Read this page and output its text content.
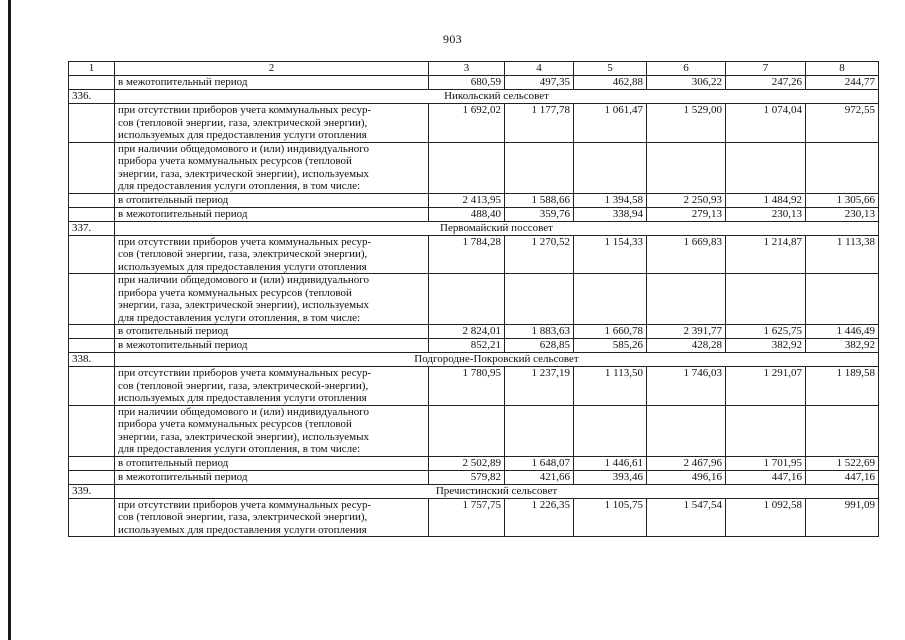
903
1	2	3	4	5	6	7	8
	в межотопительный период	680,59	497,35	462,88	306,22	247,26	244,77
336.	Никольский сельсовет						

	при отсутствии приборов учета коммунальных ресур-
сов (тепловой энергии, газа, электрической энергии),
используемых для предоставления услуги отопления	1 692,02	1 177,78	1 061,47	1 529,00	1 074,04	972,55

	при наличии общедомового и (или) индивидуального
прибора учета коммунальных ресурсов (тепловой
энергии, газа, электрической энергии), используемых
для предоставления услуги отопления, в том числе:						

	в отопительный период	2 413,95	1 588,66	1 394,58	2 250,93	1 484,92	1 305,66
	в межотопительный период	488,40	359,76	338,94	279,13	230,13	230,13
337.	Первомайский поссовет						

	при отсутствии приборов учета коммунальных ресур-
сов (тепловой энергии, газа, электрической энергии),
используемых для предоставления услуги отопления	1 784,28	1 270,52	1 154,33	1 669,83	1 214,87	1 113,38

	при наличии общедомового и (или) индивидуального
прибора учета коммунальных ресурсов (тепловой
энергии, газа, электрической энергии), используемых
для предоставления услуги отопления, в том числе:						

	в отопительный период	2 824,01	1 883,63	1 660,78	2 391,77	1 625,75	1 446,49
	в межотопительный период	852,21	628,85	585,26	428,28	382,92	382,92
338.	Подгородне-Покровский сельсовет						

	при отсутствии приборов учета коммунальных ресур-
сов (тепловой энергии, газа, электрической-энергии),
используемых для предоставления услуги отопления	1 780,95	1 237,19	1 113,50	1 746,03	1 291,07	1 189,58

	при наличии общедомового и (или) индивидуального
прибора учета коммунальных ресурсов (тепловой
энергии, газа, электрической энергии), используемых
для предоставления услуги отопления, в том числе:						

	в отопительный период	2 502,89	1 648,07	1 446,61	2 467,96	1 701,95	1 522,69
	в межотопительный период	579,82	421,66	393,46	496,16	447,16	447,16
339.	Пречистинский сельсовет						

	при отсутствии приборов учета коммунальных ресур-
сов (тепловой энергии, газа, электрической энергии),
используемых для предоставления услуги отопления	1 757,75	1 226,35	1 105,75	1 547,54	1 092,58	991,09
